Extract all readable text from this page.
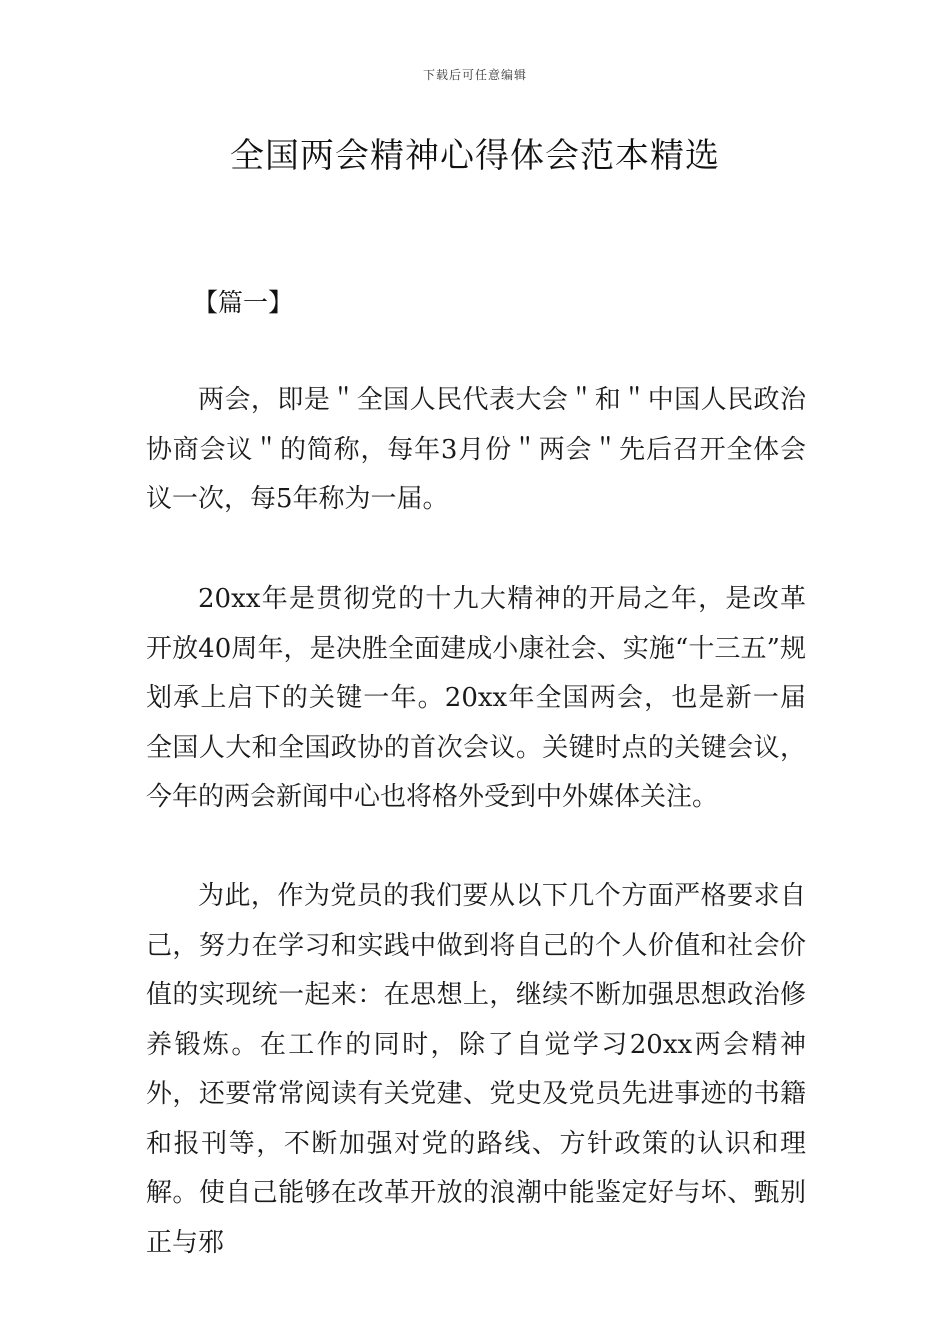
下载后可任意编辑
全国两会精神心得体会范本精选
【篇一】

两会，即是＂全国人民代表大会＂和＂中国人民政治协商会议＂的简称，每年3月份＂两会＂先后召开全体会议一次，每5年称为一届。

20xx年是贯彻党的十九大精神的开局之年，是改革开放40周年，是决胜全面建成小康社会、实施“十三五”规划承上启下的关键一年。20xx年全国两会，也是新一届全国人大和全国政协的首次会议。关键时点的关键会议，今年的两会新闻中心也将格外受到中外媒体关注。

为此，作为党员的我们要从以下几个方面严格要求自己，努力在学习和实践中做到将自己的个人价值和社会价值的实现统一起来：在思想上，继续不断加强思想政治修养锻炼。在工作的同时，除了自觉学习20xx两会精神外，还要常常阅读有关党建、党史及党员先进事迹的书籍和报刊等，不断加强对党的路线、方针政策的认识和理解。使自己能够在改革开放的浪潮中能鉴定好与坏、甄别正与邪
